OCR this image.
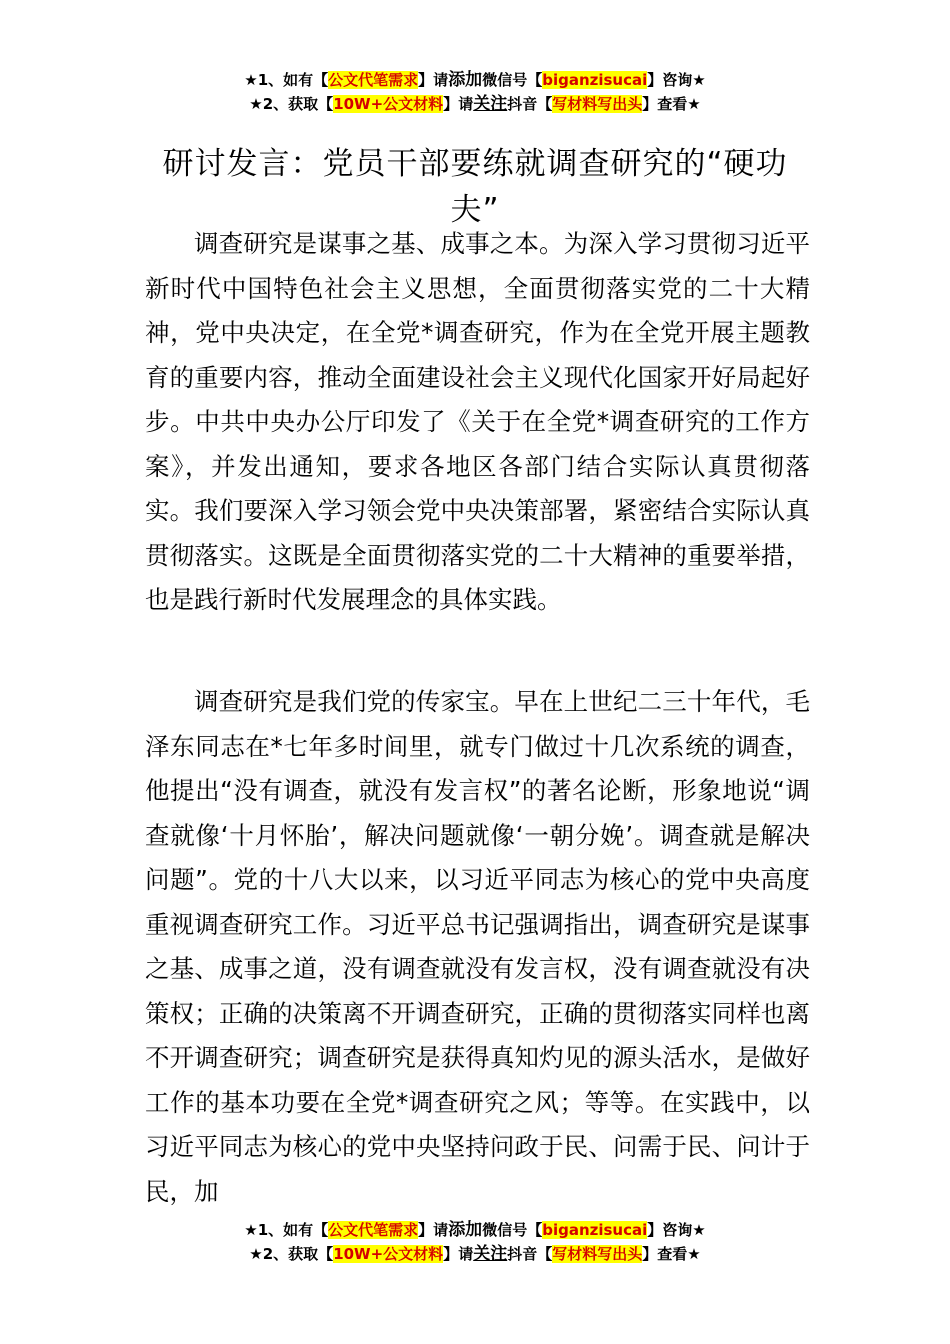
★1、如有【公文代笔需求】请添加微信号【biganzisucai】咨询★
★2、获取【10W+公文材料】请关注抖音【写材料写出头】查看★
研讨发言：党员干部要练就调查研究的“硬功夫”

调查研究是谋事之基、成事之本。为深入学习贯彻习近平新时代中国特色社会主义思想，全面贯彻落实党的二十大精神，党中央决定，在全党*调查研究，作为在全党开展主题教育的重要内容，推动全面建设社会主义现代化国家开好局起好步。中共中央办公厅印发了《关于在全党*调查研究的工作方案》，并发出通知，要求各地区各部门结合实际认真贯彻落实。我们要深入学习领会党中央决策部署，紧密结合实际认真贯彻落实。这既是全面贯彻落实党的二十大精神的重要举措，也是践行新时代发展理念的具体实践。

调查研究是我们党的传家宝。早在上世纪二三十年代，毛泽东同志在*七年多时间里，就专门做过十几次系统的调查，他提出“没有调查，就没有发言权”的著名论断，形象地说“调查就像‘十月怀胎’，解决问题就像‘一朝分娩’。调查就是解决问题”。党的十八大以来，以习近平同志为核心的党中央高度重视调查研究工作。习近平总书记强调指出，调查研究是谋事之基、成事之道，没有调查就没有发言权，没有调查就没有决策权；正确的决策离不开调查研究，正确的贯彻落实同样也离不开调查研究；调查研究是获得真知灼见的源头活水，是做好工作的基本功要在全党*调查研究之风；等等。在实践中，以习近平同志为核心的党中央坚持问政于民、问需于民、问计于民，加

★1、如有【公文代笔需求】请添加微信号【biganzisucai】咨询★
★2、获取【10W+公文材料】请关注抖音【写材料写出头】查看★
